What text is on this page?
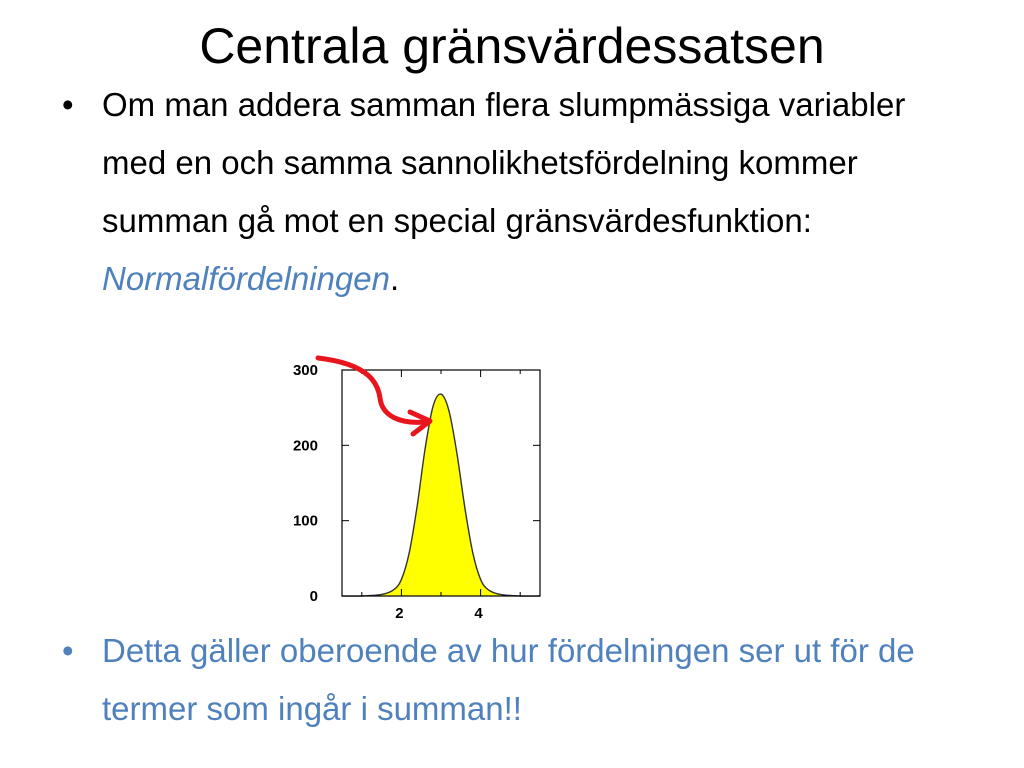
Centrala gränsvärdessatsen
• Om man addera samman flera slumpmässiga variabler med en och samma sannolikhetsfördelning kommer summan gå mot en special gränsvärdesfunktion: Normalfördelningen.
0
100
200
300
2	4
• Detta gäller oberoende av hur fördelningen ser ut för de termer som ingår i summan!!
